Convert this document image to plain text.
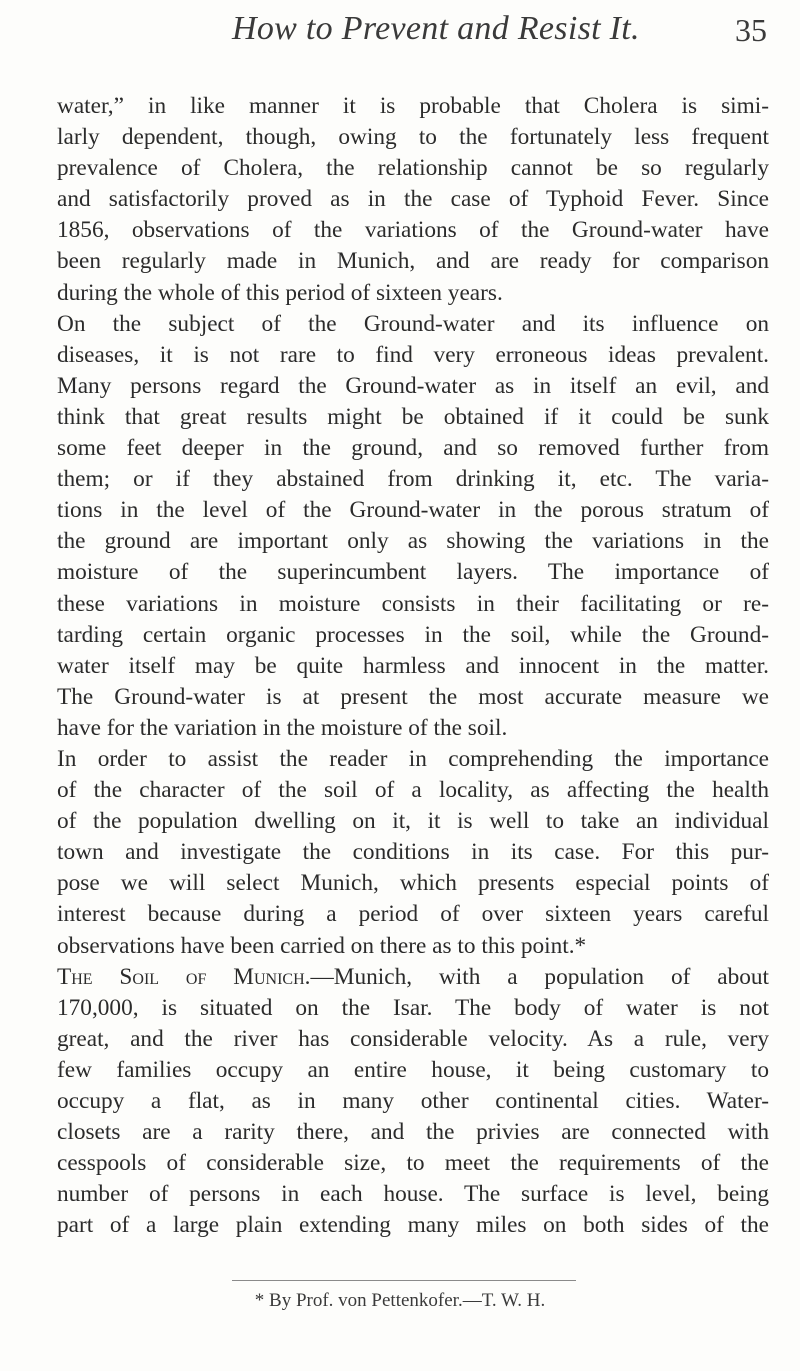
How to Prevent and Resist It.	35
water,” in like manner it is probable that Cholera is simi-
larly dependent, though, owing to the fortunately less frequent
prevalence of Cholera, the relationship cannot be so regularly
and satisfactorily proved as in the case of Typhoid Fever. Since
1856, observations of the variations of the Ground-water have
been regularly made in Munich, and are ready for comparison
during the whole of this period of sixteen years.
On the subject of the Ground-water and its influence on
diseases, it is not rare to find very erroneous ideas prevalent.
Many persons regard the Ground-water as in itself an evil, and
think that great results might be obtained if it could be sunk
some feet deeper in the ground, and so removed further from
them; or if they abstained from drinking it, etc. The varia-
tions in the level of the Ground-water in the porous stratum of
the ground are important only as showing the variations in the
moisture of the superincumbent layers. The importance of
these variations in moisture consists in their facilitating or re-
tarding certain organic processes in the soil, while the Ground-
water itself may be quite harmless and innocent in the matter.
The Ground-water is at present the most accurate measure we
have for the variation in the moisture of the soil.
In order to assist the reader in comprehending the importance
of the character of the soil of a locality, as affecting the health
of the population dwelling on it, it is well to take an individual
town and investigate the conditions in its case. For this pur-
pose we will select Munich, which presents especial points of
interest because during a period of over sixteen years careful
observations have been carried on there as to this point.*
The Soil of Munich.—Munich, with a population of about
170,000, is situated on the Isar. The body of water is not
great, and the river has considerable velocity. As a rule, very
few families occupy an entire house, it being customary to
occupy a flat, as in many other continental cities. Water-
closets are a rarity there, and the privies are connected with
cesspools of considerable size, to meet the requirements of the
number of persons in each house. The surface is level, being
part of a large plain extending many miles on both sides of the
* By Prof. von Pettenkofer.—T. W. H.
